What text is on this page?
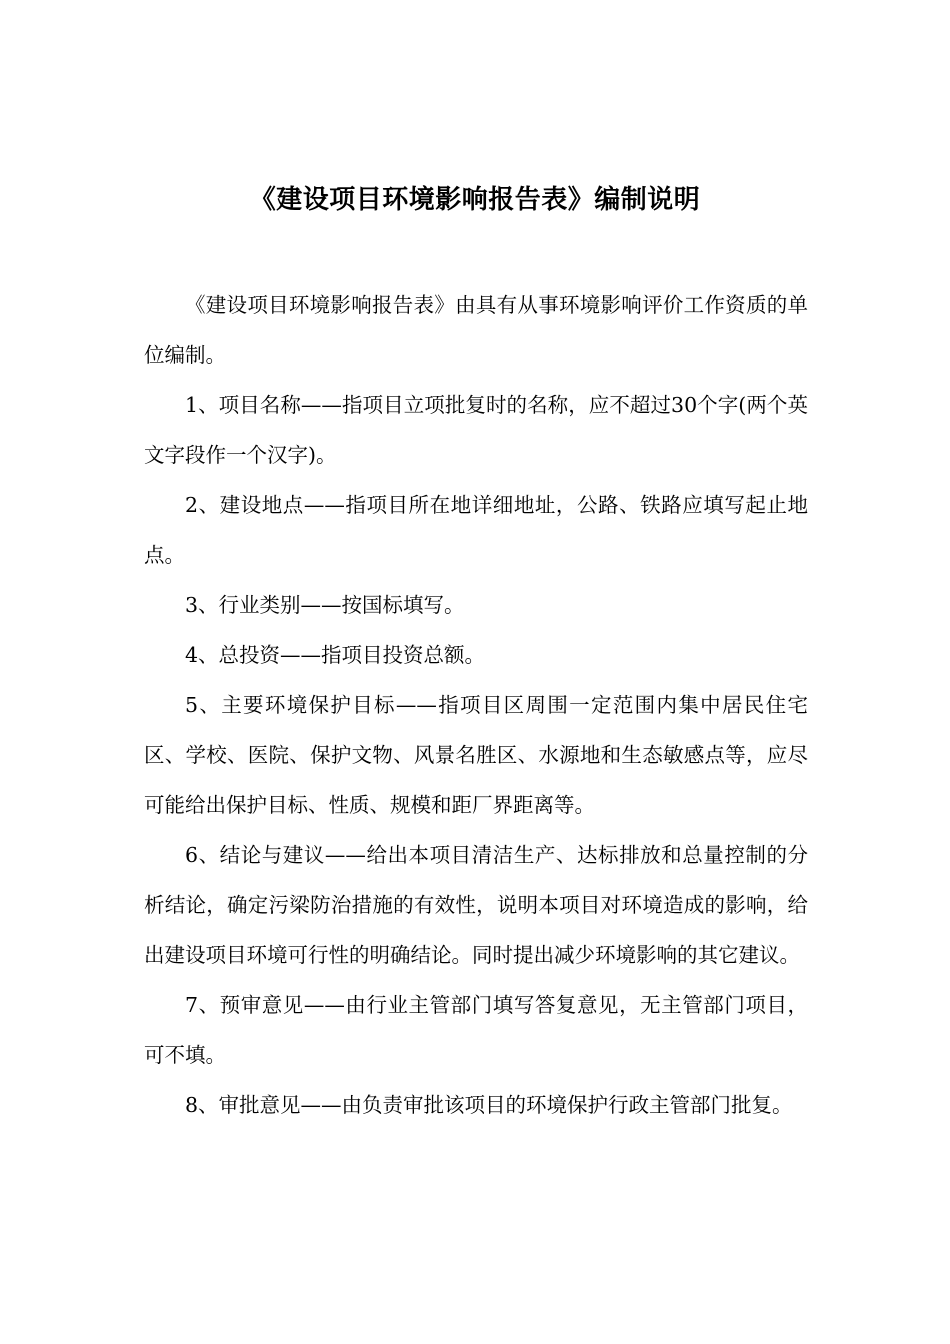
《建设项目环境影响报告表》编制说明

《建设项目环境影响报告表》由具有从事环境影响评价工作资质的单位编制。

1、项目名称——指项目立项批复时的名称，应不超过30个字(两个英文字段作一个汉字)。

2、建设地点——指项目所在地详细地址，公路、铁路应填写起止地点。

3、行业类别——按国标填写。

4、总投资——指项目投资总额。

5、主要环境保护目标——指项目区周围一定范围内集中居民住宅区、学校、医院、保护文物、风景名胜区、水源地和生态敏感点等，应尽可能给出保护目标、性质、规模和距厂界距离等。

6、结论与建议——给出本项目清洁生产、达标排放和总量控制的分析结论，确定污梁防治措施的有效性，说明本项目对环境造成的影响，给出建设项目环境可行性的明确结论。同时提出减少环境影响的其它建议。

7、预审意见——由行业主管部门填写答复意见，无主管部门项目，可不填。

8、审批意见——由负责审批该项目的环境保护行政主管部门批复。
